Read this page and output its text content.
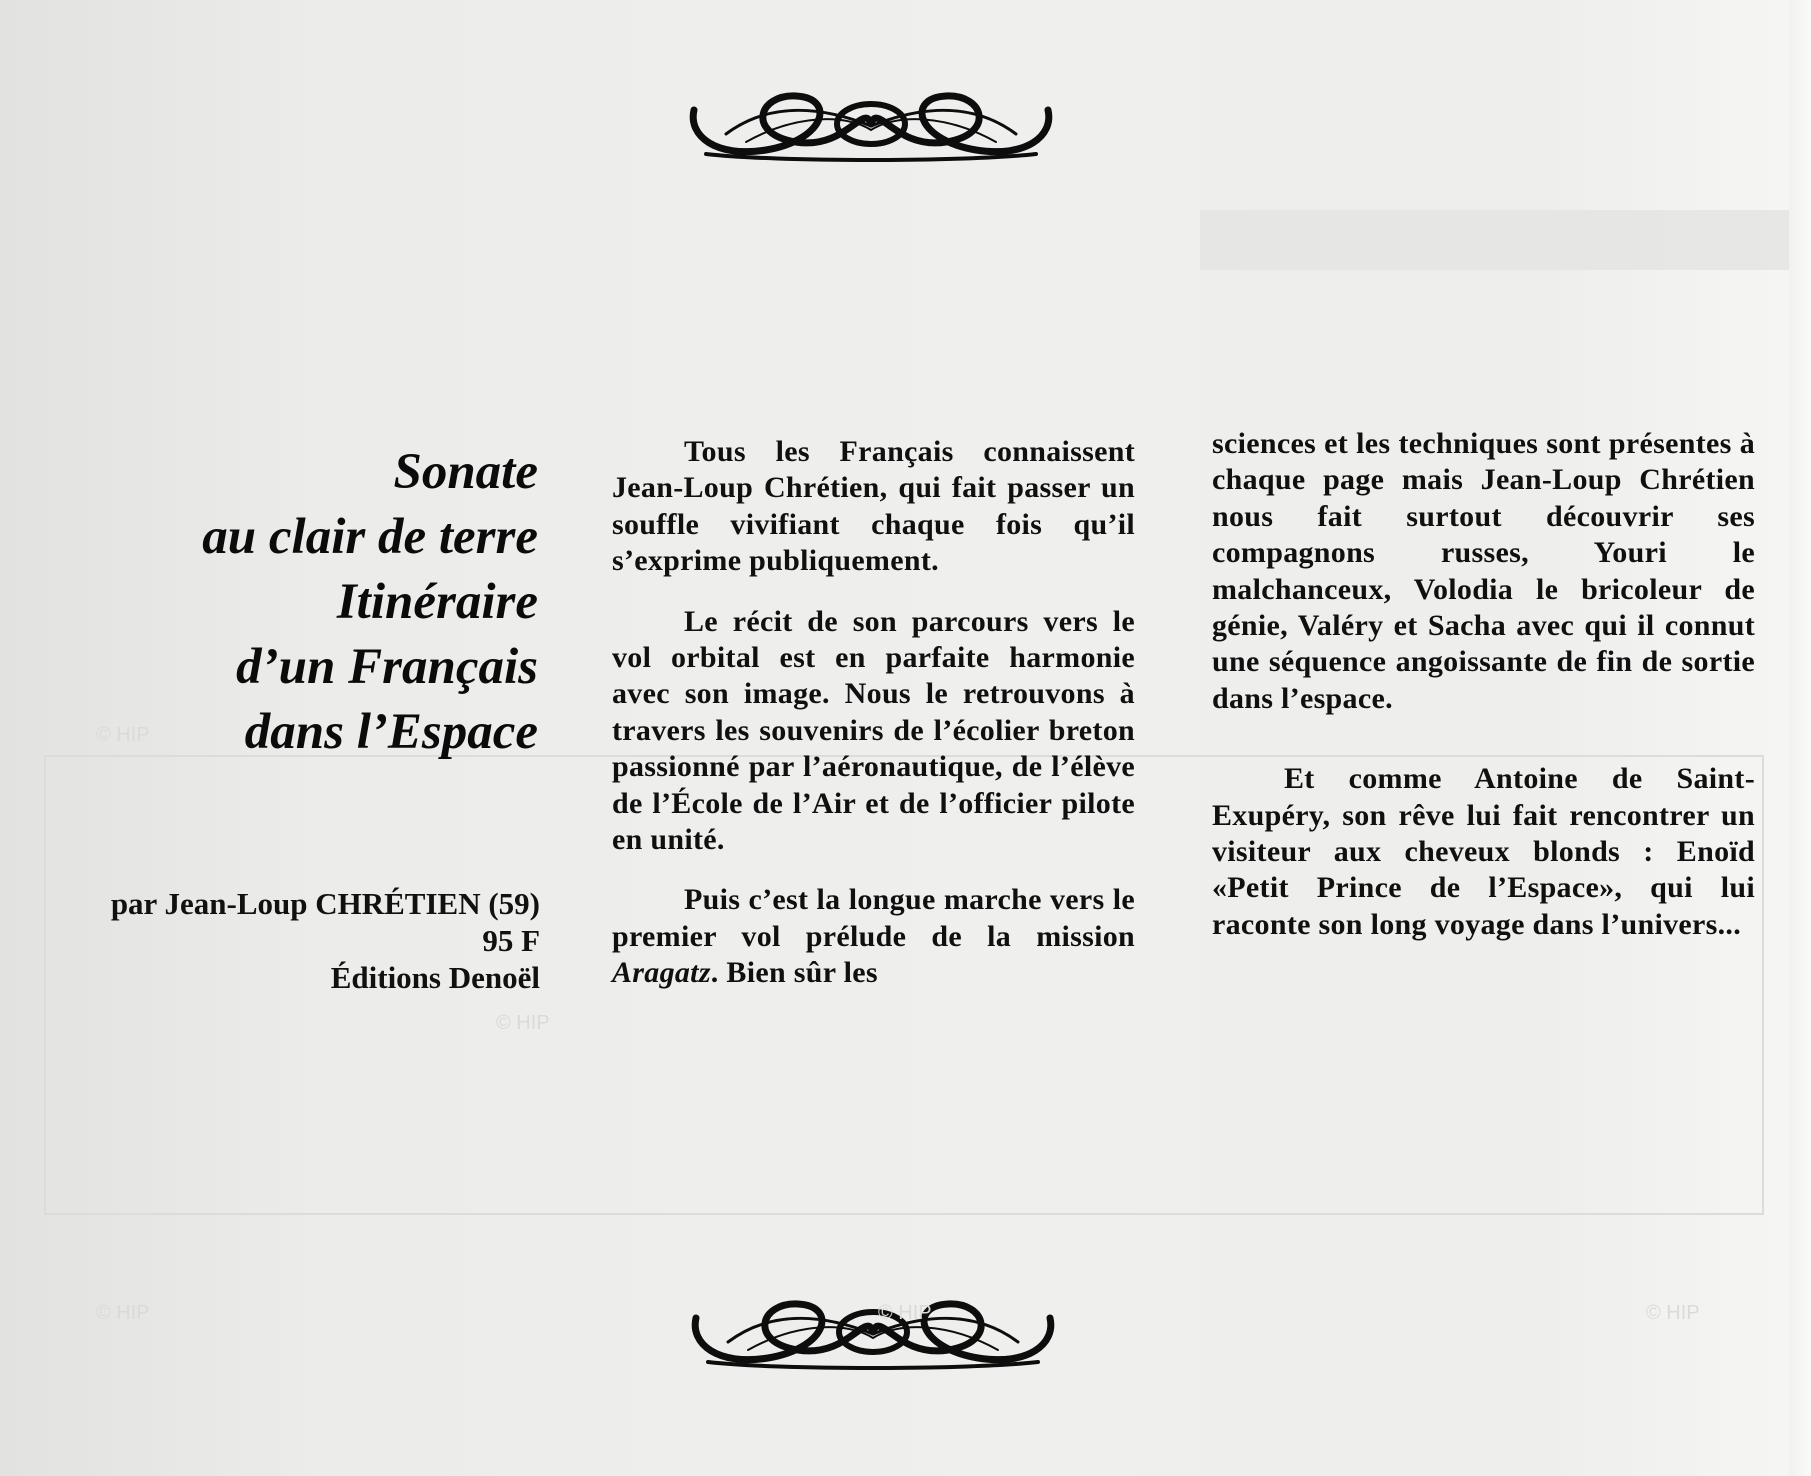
Sonate
au clair de terre
Itinéraire
d’un Français
dans l’Espace
par Jean-Loup CHRÉTIEN (59)
95 F
Éditions Denoël

Tous les Français connaissent Jean-Loup Chrétien, qui fait passer un souffle vivifiant chaque fois qu’il s’exprime publiquement.

Le récit de son parcours vers le vol orbital est en parfaite harmonie avec son image. Nous le retrouvons à travers les souvenirs de l’écolier breton passionné par l’aéronautique, de l’élève de l’École de l’Air et de l’officier pilote en unité.

Puis c’est la longue marche vers le premier vol prélude de la mission Aragatz. Bien sûr les

sciences et les techniques sont présentes à chaque page mais Jean-Loup Chrétien nous fait surtout découvrir ses compagnons russes, Youri le malchanceux, Volodia le bricoleur de génie, Valéry et Sacha avec qui il connut une séquence angoissante de fin de sortie dans l’espace.

Et comme Antoine de Saint-Exupéry, son rêve lui fait rencontrer un visiteur aux cheveux blonds : Enoïd «Petit Prince de l’Espace», qui lui raconte son long voyage dans l’univers...

© HIP	© HIP	© HIP
© HIP
© HIP
